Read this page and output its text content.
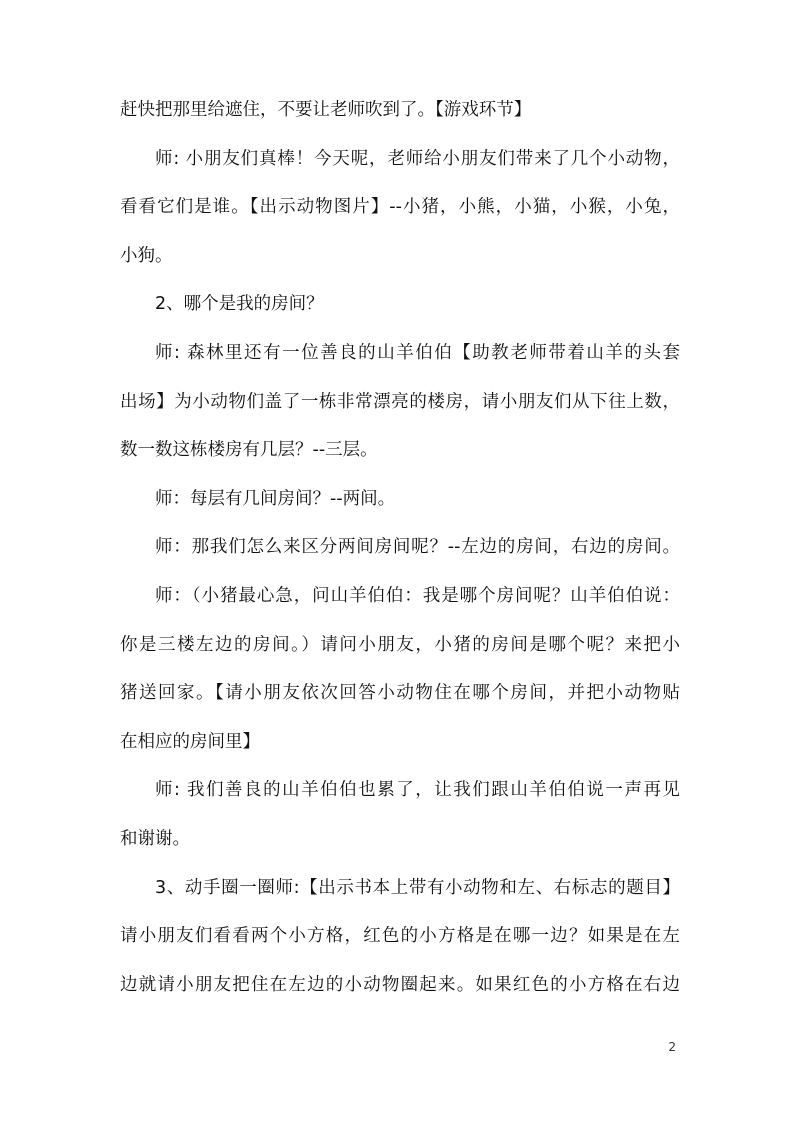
赶快把那里给遮住，不要让老师吹到了。【游戏环节】
师: 小朋友们真棒！今天呢，老师给小朋友们带来了几个小动物，
看看它们是谁。【出示动物图片】--小猪，小熊，小猫，小猴，小兔，
小狗。
2、哪个是我的房间？
师: 森林里还有一位善良的山羊伯伯【助教老师带着山羊的头套
出场】为小动物们盖了一栋非常漂亮的楼房，请小朋友们从下往上数，
数一数这栋楼房有几层？--三层。
师：每层有几间房间？--两间。
师：那我们怎么来区分两间房间呢？--左边的房间，右边的房间。
师：（小猪最心急，问山羊伯伯：我是哪个房间呢？山羊伯伯说：
你是三楼左边的房间。）请问小朋友，小猪的房间是哪个呢？来把小
猪送回家。【请小朋友依次回答小动物住在哪个房间，并把小动物贴
在相应的房间里】
师: 我们善良的山羊伯伯也累了，让我们跟山羊伯伯说一声再见
和谢谢。
3、动手圈一圈师:【出示书本上带有小动物和左、右标志的题目】
请小朋友们看看两个小方格，红色的小方格是在哪一边？如果是在左
边就请小朋友把住在左边的小动物圈起来。如果红色的小方格在右边
2
